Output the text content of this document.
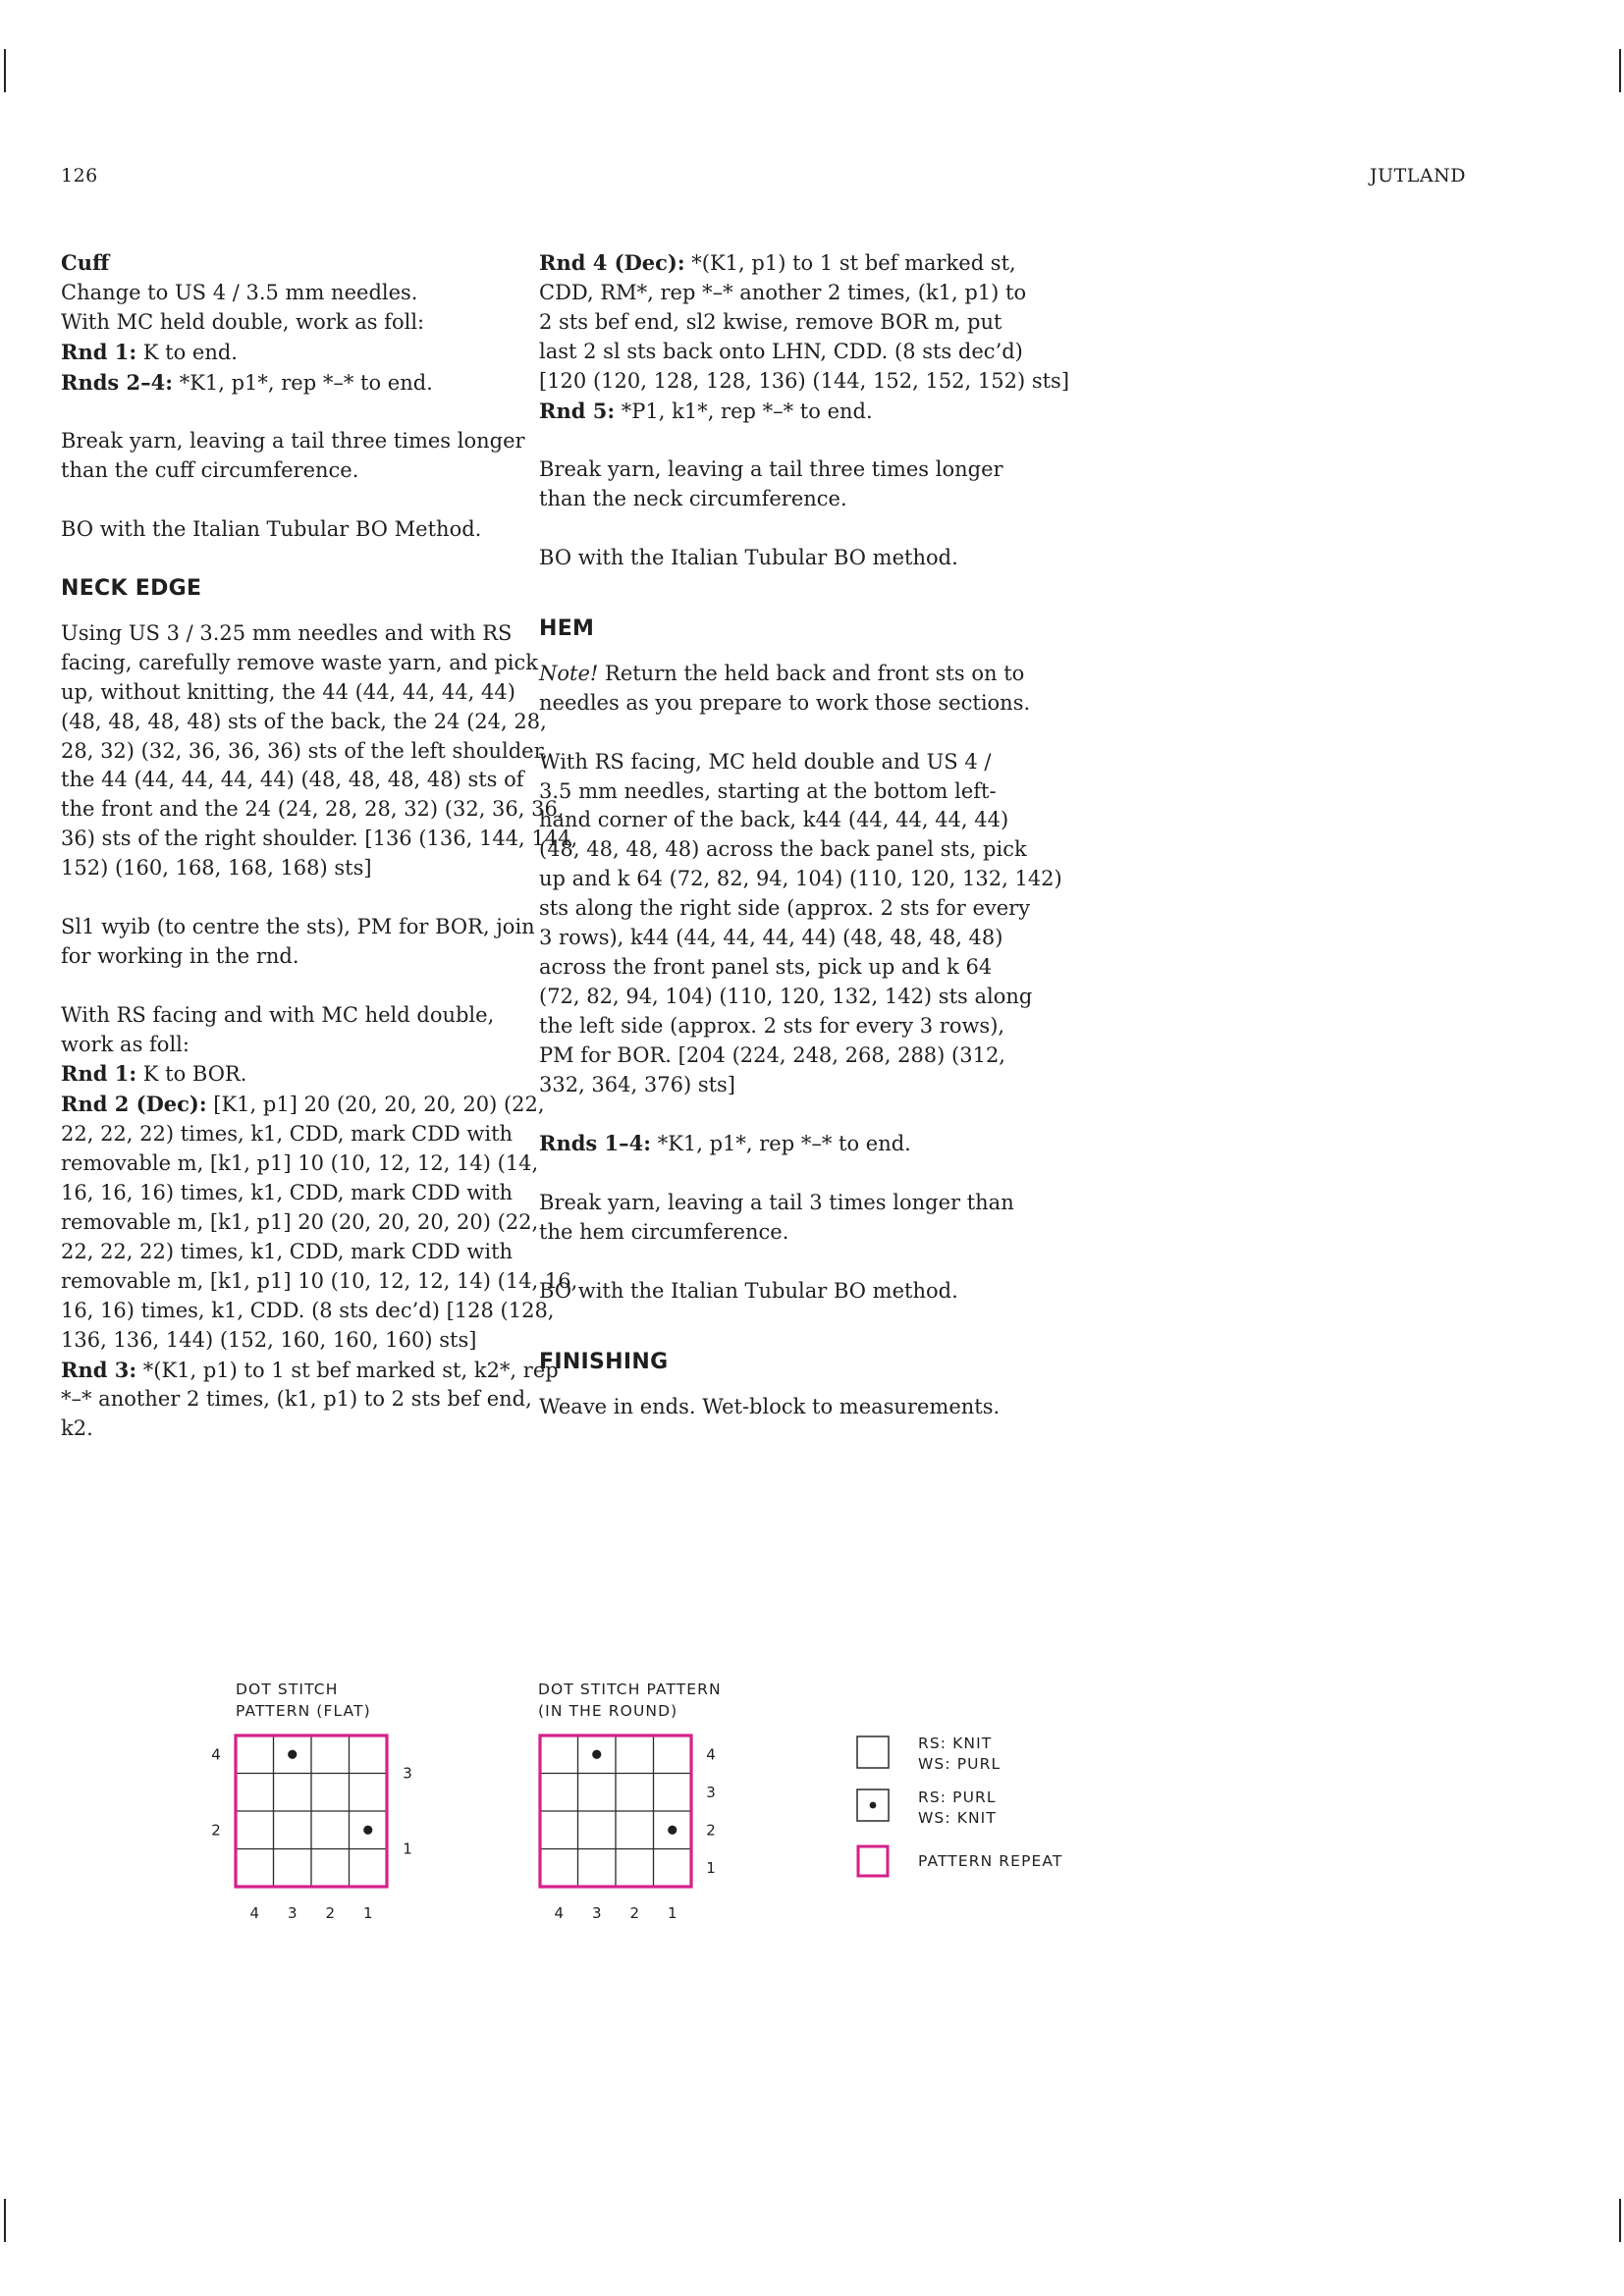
126	JUTLAND
Cuff
Change to US 4 / 3.5 mm needles.
With MC held double, work as foll:
Rnd 1: K to end.
Rnds 2–4: *K1, p1*, rep *–* to end.

Break yarn, leaving a tail three times longer
than the cuff circumference.

BO with the Italian Tubular BO Method.

NECK EDGE

Using US 3 / 3.25 mm needles and with RS
facing, carefully remove waste yarn, and pick
up, without knitting, the 44 (44, 44, 44, 44)
(48, 48, 48, 48) sts of the back, the 24 (24, 28,
28, 32) (32, 36, 36, 36) sts of the left shoulder,
the 44 (44, 44, 44, 44) (48, 48, 48, 48) sts of
the front and the 24 (24, 28, 28, 32) (32, 36, 36,
36) sts of the right shoulder. [136 (136, 144, 144,
152) (160, 168, 168, 168) sts]

Sl1 wyib (to centre the sts), PM for BOR, join
for working in the rnd.

With RS facing and with MC held double,
work as foll:
Rnd 1: K to BOR.
Rnd 2 (Dec): [K1, p1] 20 (20, 20, 20, 20) (22,
22, 22, 22) times, k1, CDD, mark CDD with
removable m, [k1, p1] 10 (10, 12, 12, 14) (14,
16, 16, 16) times, k1, CDD, mark CDD with
removable m, [k1, p1] 20 (20, 20, 20, 20) (22,
22, 22, 22) times, k1, CDD, mark CDD with
removable m, [k1, p1] 10 (10, 12, 12, 14) (14, 16,
16, 16) times, k1, CDD. (8 sts dec’d) [128 (128,
136, 136, 144) (152, 160, 160, 160) sts]
Rnd 3: *(K1, p1) to 1 st bef marked st, k2*, rep
*–* another 2 times, (k1, p1) to 2 sts bef end,
k2.

Rnd 4 (Dec): *(K1, p1) to 1 st bef marked st,
CDD, RM*, rep *–* another 2 times, (k1, p1) to
2 sts bef end, sl2 kwise, remove BOR m, put
last 2 sl sts back onto LHN, CDD. (8 sts dec’d)
[120 (120, 128, 128, 136) (144, 152, 152, 152) sts]
Rnd 5: *P1, k1*, rep *–* to end.

Break yarn, leaving a tail three times longer
than the neck circumference.

BO with the Italian Tubular BO method.

HEM

Note! Return the held back and front sts on to
needles as you prepare to work those sections.

With RS facing, MC held double and US 4 /
3.5 mm needles, starting at the bottom left-
hand corner of the back, k44 (44, 44, 44, 44)
(48, 48, 48, 48) across the back panel sts, pick
up and k 64 (72, 82, 94, 104) (110, 120, 132, 142)
sts along the right side (approx. 2 sts for every
3 rows), k44 (44, 44, 44, 44) (48, 48, 48, 48)
across the front panel sts, pick up and k 64
(72, 82, 94, 104) (110, 120, 132, 142) sts along
the left side (approx. 2 sts for every 3 rows),
PM for BOR. [204 (224, 248, 268, 288) (312,
332, 364, 376) sts]

Rnds 1–4: *K1, p1*, rep *–* to end.

Break yarn, leaving a tail 3 times longer than
the hem circumference.

BO with the Italian Tubular BO method.

FINISHING

Weave in ends. Wet-block to measurements.

DOT STITCH
PATTERN (FLAT)
DOT STITCH PATTERN
(IN THE ROUND)
4 3 2 1
4
2
3
1
4 3 2 1
4
3
2
1
RS: KNIT
WS: PURL
RS: PURL
WS: KNIT
PATTERN REPEAT
